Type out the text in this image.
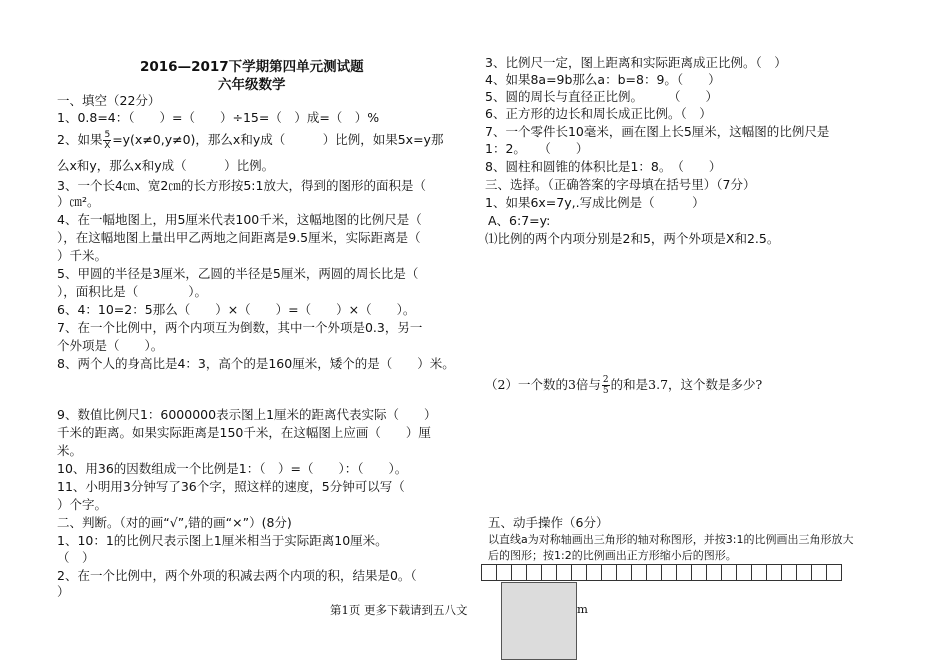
2016—2017下学期第四单元测试题
六年级数学
一、填空（22分）
1、0.8=4：（　　）=（　　）÷15=（　）成=（　）%
2、如果 $\frac{5}{X} =y(x\ne 0,y\ne 0)$，那么x和y成（　　　）比例，如果5x=y那
么x和y，那么x和y成（　　　）比例。
3、一个长4㎝、宽2㎝的长方形按5:1放大，得到的图形的面积是（
）㎝²。
4、在一幅地图上，用5厘米代表100千米，这幅地图的比例尺是（
），在这幅地图上量出甲乙两地之间距离是9.5厘米，实际距离是（
）千米。
5、甲圆的半径是3厘米，乙圆的半径是5厘米，两圆的周长比是（
），面积比是（　　　　）。
6、4：10=2：5那么（　　）×（　　）=（　　）×（　　）。
7、在一个比例中，两个内项互为倒数，其中一个外项是0.3，另一
个外项是（　　）。
8、两个人的身高比是4：3，高个的是160厘米，矮个的是（　　）米。
9、数值比例尺1：6000000表示图上1厘米的距离代表实际（　　）
千米的距离。如果实际距离是150千米，在这幅图上应画（　　）厘
米。
10、用36的因数组成一个比例是1：（　）=（　　）：（　　）。
11、小明用3分钟写了36个字，照这样的速度，5分钟可以写（
）个字。
二、判断。（对的画“√”,错的画“×”）(8分)
1、10：1的比例尺表示图上1厘米相当于实际距离10厘米。
（　）
2、在一个比例中，两个外项的积减去两个内项的积，结果是0。（
）
3、比例尺一定，图上距离和实际距离成正比例。（　）
4、如果8a=9b那么a：b=8：9。（　　）
5、圆的周长与直径正比例。　　　（　　）
6、正方形的边长和周长成正比例。（　）
7、一个零件长10毫米，画在图上长5厘米，这幅图的比例尺是
1：2。　　（　　）
8、圆柱和圆锥的体积比是1：8。　（　　）
三、选择。（正确答案的字母填在括号里）（7分）
1、如果6x=7y,.写成比例是（　　　）
A、6:7=y:
⑴比例的两个内项分别是2和5，两个外项是X和2.5。
（2）一个数的3倍与 $\frac{2}{5}$ 的和是3.7，这个数是多少?
五、动手操作（6分）
以直线a为对称轴画出三角形的轴对称图形，并按3:1的比例画出三角形放大
后的图形；按1:2的比例画出正方形缩小后的图形。
第1页 更多下载请到五八文	m
